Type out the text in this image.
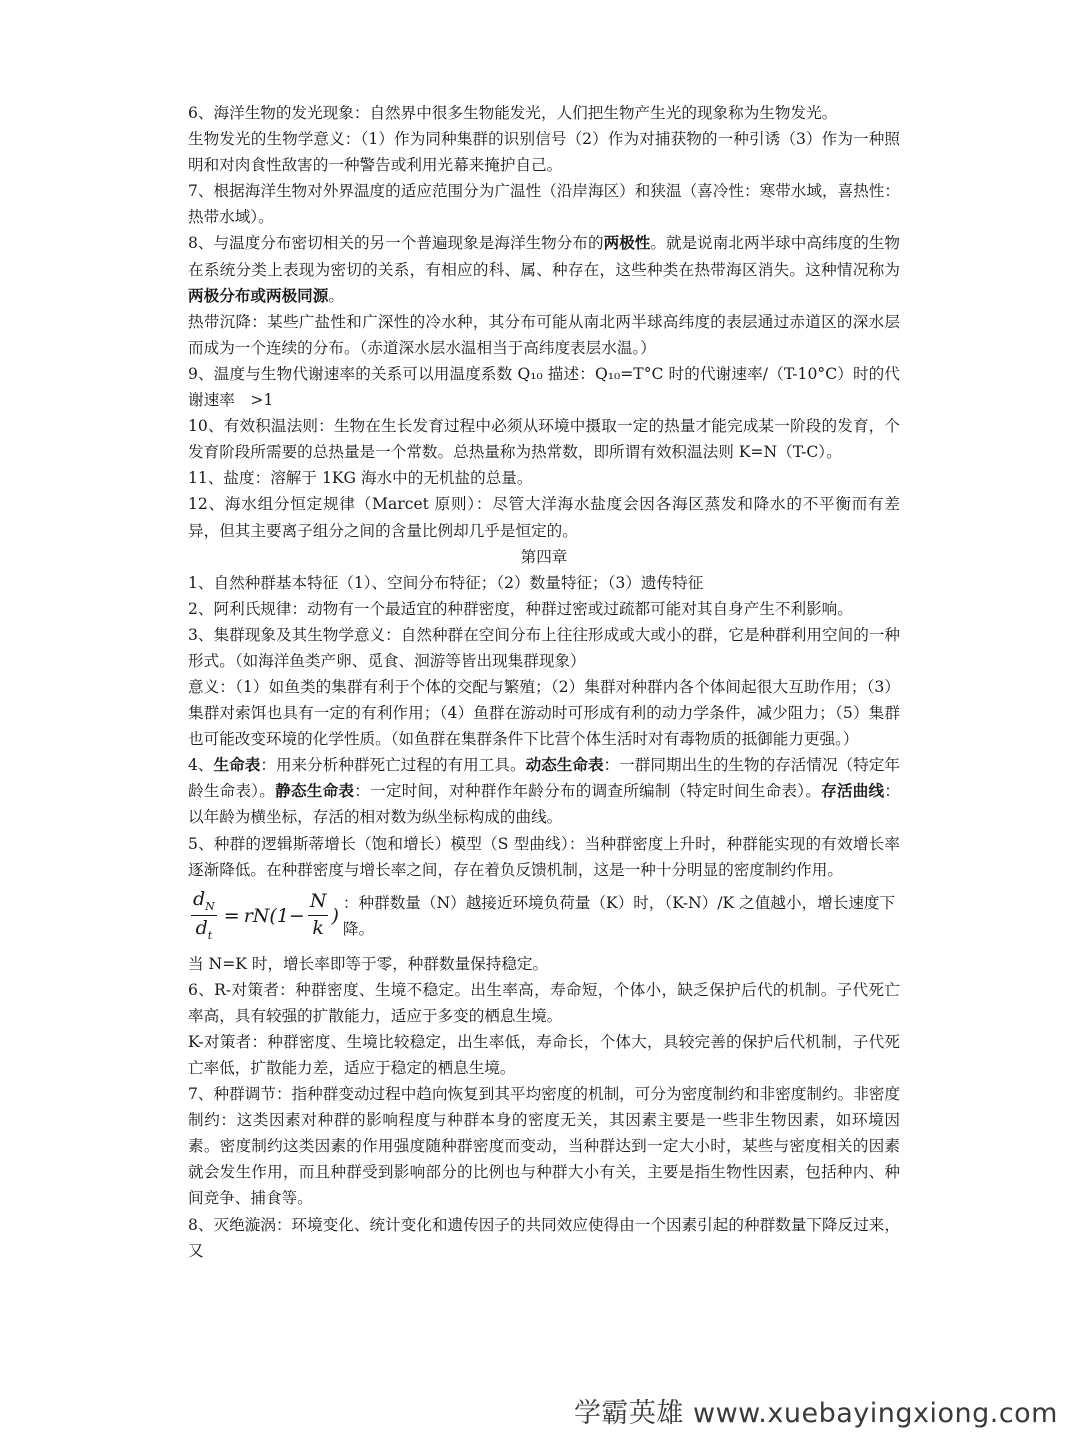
6、海洋生物的发光现象：自然界中很多生物能发光，人们把生物产生光的现象称为生物发光。

生物发光的生物学意义：（1）作为同种集群的识别信号（2）作为对捕获物的一种引诱（3）作为一种照明和对肉食性敌害的一种警告或利用光幕来掩护自己。

7、根据海洋生物对外界温度的适应范围分为广温性（沿岸海区）和狭温（喜冷性：寒带水域，喜热性：热带水域）。

8、与温度分布密切相关的另一个普遍现象是海洋生物分布的两极性。就是说南北两半球中高纬度的生物在系统分类上表现为密切的关系，有相应的科、属、种存在，这些种类在热带海区消失。这种情况称为两极分布或两极同源。

热带沉降：某些广盐性和广深性的冷水种，其分布可能从南北两半球高纬度的表层通过赤道区的深水层而成为一个连续的分布。（赤道深水层水温相当于高纬度表层水温。）

9、温度与生物代谢速率的关系可以用温度系数 Q₁₀ 描述：Q₁₀=T°C 时的代谢速率/（T-10°C）时的代谢速率　>1

10、有效积温法则：生物在生长发育过程中必须从环境中摄取一定的热量才能完成某一阶段的发育，个发育阶段所需要的总热量是一个常数。总热量称为热常数，即所谓有效积温法则 K=N（T-C）。

11、盐度：溶解于 1KG 海水中的无机盐的总量。

12、海水组分恒定规律（Marcet 原则）：尽管大洋海水盐度会因各海区蒸发和降水的不平衡而有差异，但其主要离子组分之间的含量比例却几乎是恒定的。

第四章

1、自然种群基本特征（1）、空间分布特征；（2）数量特征；（3）遗传特征

2、阿利氏规律：动物有一个最适宜的种群密度，种群过密或过疏都可能对其自身产生不利影响。

3、集群现象及其生物学意义：自然种群在空间分布上往往形成或大或小的群，它是种群利用空间的一种形式。（如海洋鱼类产卵、觅食、洄游等皆出现集群现象）

意义：（1）如鱼类的集群有利于个体的交配与繁殖；（2）集群对种群内各个体间起很大互助作用；（3）集群对索饵也具有一定的有利作用；（4）鱼群在游动时可形成有利的动力学条件，减少阻力；（5）集群也可能改变环境的化学性质。（如鱼群在集群条件下比营个体生活时对有毒物质的抵御能力更强。）

4、生命表：用来分析种群死亡过程的有用工具。动态生命表：一群同期出生的生物的存活情况（特定年龄生命表）。静态生命表：一定时间，对种群作年龄分布的调查所编制（特定时间生命表）。存活曲线：以年龄为横坐标，存活的相对数为纵坐标构成的曲线。

5、种群的逻辑斯蒂增长（饱和增长）模型（S 型曲线）：当种群密度上升时，种群能实现的有效增长率逐渐降低。在种群密度与增长率之间，存在着负反馈机制，这是一种十分明显的密度制约作用。

$\frac{d_N}{d_t} = rN(1- \frac{N}{k}$ )
：种群数量（N）越接近环境负荷量（K）时，（K-N）/K 之值越小，增长速度下降。

当 N=K 时，增长率即等于零，种群数量保持稳定。

6、R-对策者：种群密度、生境不稳定。出生率高，寿命短，个体小，缺乏保护后代的机制。子代死亡率高，具有较强的扩散能力，适应于多变的栖息生境。

K-对策者：种群密度、生境比较稳定，出生率低，寿命长，个体大，具较完善的保护后代机制，子代死亡率低，扩散能力差，适应于稳定的栖息生境。

7、种群调节：指种群变动过程中趋向恢复到其平均密度的机制，可分为密度制约和非密度制约。非密度制约：这类因素对种群的影响程度与种群本身的密度无关，其因素主要是一些非生物因素，如环境因素。密度制约这类因素的作用强度随种群密度而变动，当种群达到一定大小时，某些与密度相关的因素就会发生作用，而且种群受到影响部分的比例也与种群大小有关，主要是指生物性因素，包括种内、种间竞争、捕食等。

8、灭绝漩涡：环境变化、统计变化和遗传因子的共同效应使得由一个因素引起的种群数量下降反过来，又

学霸英雄 www.xuebayingxiong.com
